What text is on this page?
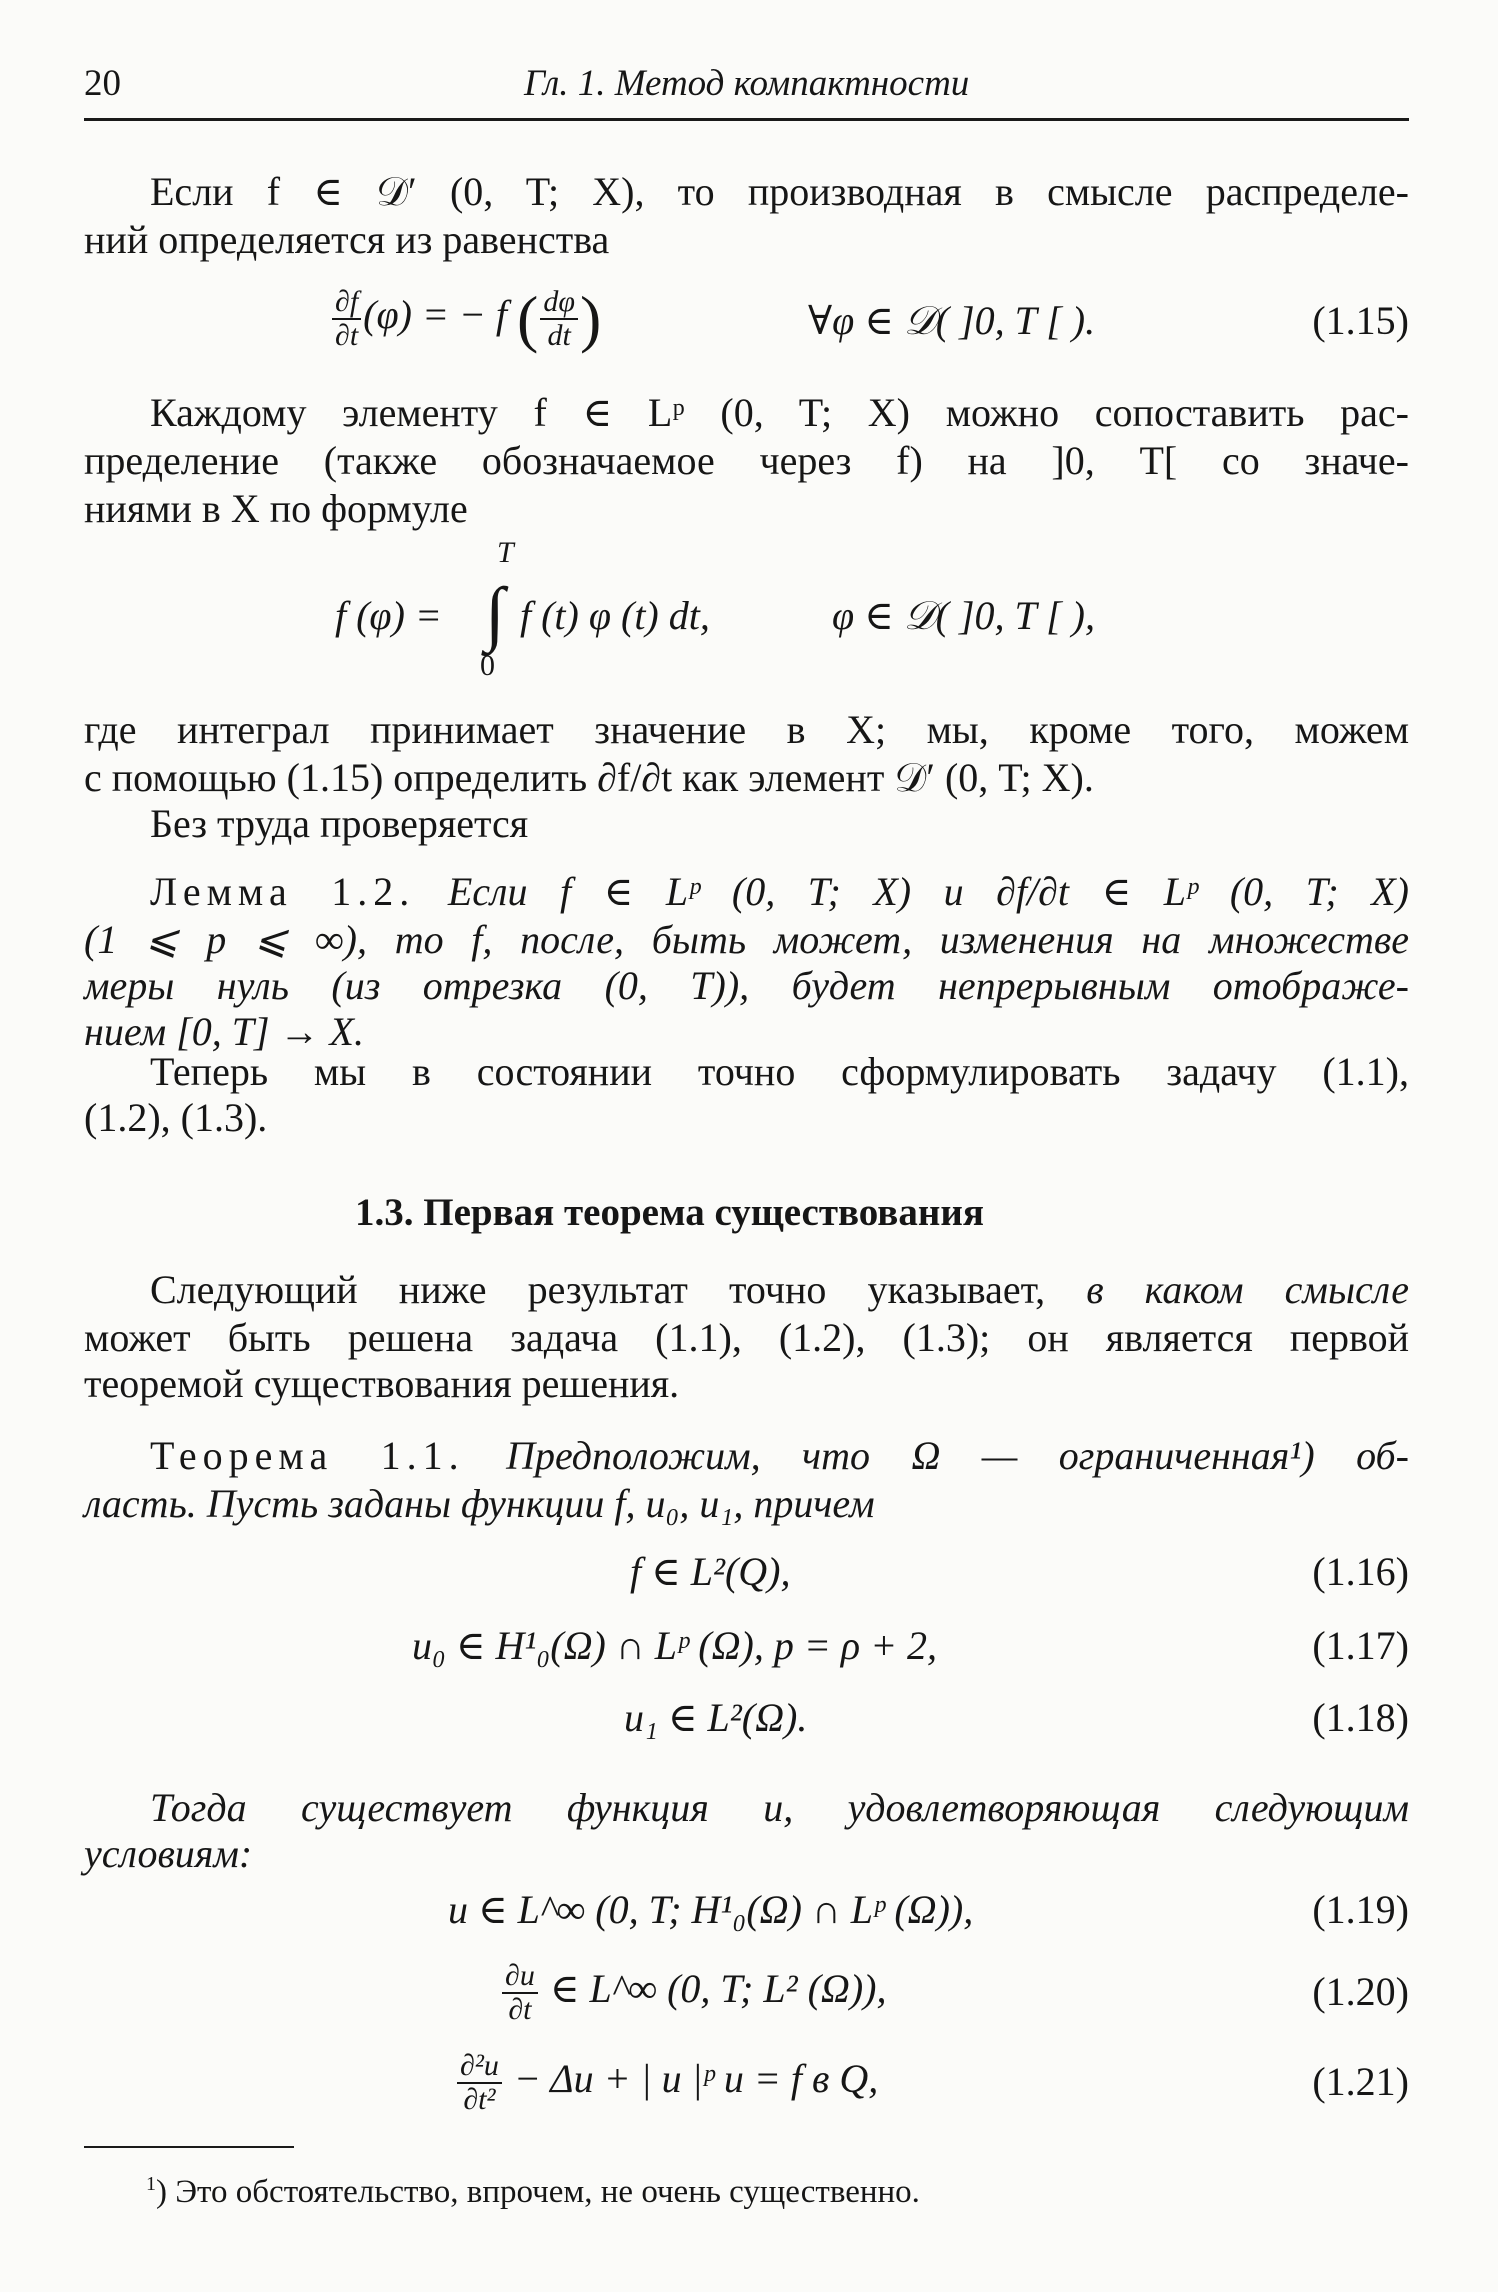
20	Гл. 1. Метод компактности

Если f ∈ 𝒟′ (0, T; X), то производная в смысле распределе-

ний определяется из равенства

$\frac{\partial f}{\partial t} (\varphi)$ = − f ( $\frac{d\varphi}{dt}$ )	∀φ ∈ 𝒟( ]0, T [ ).	(1.15)

Каждому элементу f ∈ Lᵖ (0, T; X) можно сопоставить рас-

пределение (также обозначаемое через f) на ]0, T[ со значе-

ниями в X по формуле

T
f (φ) = ∫ f (t) φ (t) dt,
0
φ ∈ 𝒟( ]0, T [ ),

где интеграл принимает значение в X; мы, кроме того, можем

с помощью (1.15) определить ∂f/∂t как элемент 𝒟′ (0, T; X).

Без труда проверяется

Лемма 1.2. Если f ∈ Lᵖ (0, T; X) и ∂f/∂t ∈ Lᵖ (0, T; X)

(1 ⩽ p ⩽ ∞), то f, после, быть может, изменения на множестве

меры нуль (из отрезка (0, T)), будет непрерывным отображе-

нием [0, T] → X.

Теперь мы в состоянии точно сформулировать задачу (1.1),

(1.2), (1.3).

1.3. Первая теорема существования

Следующий ниже результат точно указывает, в каком смысле

может быть решена задача (1.1), (1.2), (1.3); он является первой

теоремой существования решения.

Теорема 1.1. Предположим, что Ω — ограниченная¹) об-

ласть. Пусть заданы функции f, u₀, u₁, причем

f ∈ L²(Q),	(1.16)
u₀ ∈ H¹₀(Ω) ∩ Lᵖ (Ω), p = ρ + 2,	(1.17)
u₁ ∈ L²(Ω).	(1.18)

Тогда существует функция u, удовлетворяющая следующим

условиям:

u ∈ L^∞ (0, T; H¹₀(Ω) ∩ Lᵖ (Ω)),	(1.19)
$\frac{\partial u}{\partial t}$ ∈ L^∞ (0, T; L² (Ω)),	(1.20)
$\frac{\text{∂²u}}{\text{∂t²}} - \Delta u$ + | u |ᵖ u = f в Q,	(1.21)
$^1$) Это обстоятельство, впрочем, не очень существенно.
